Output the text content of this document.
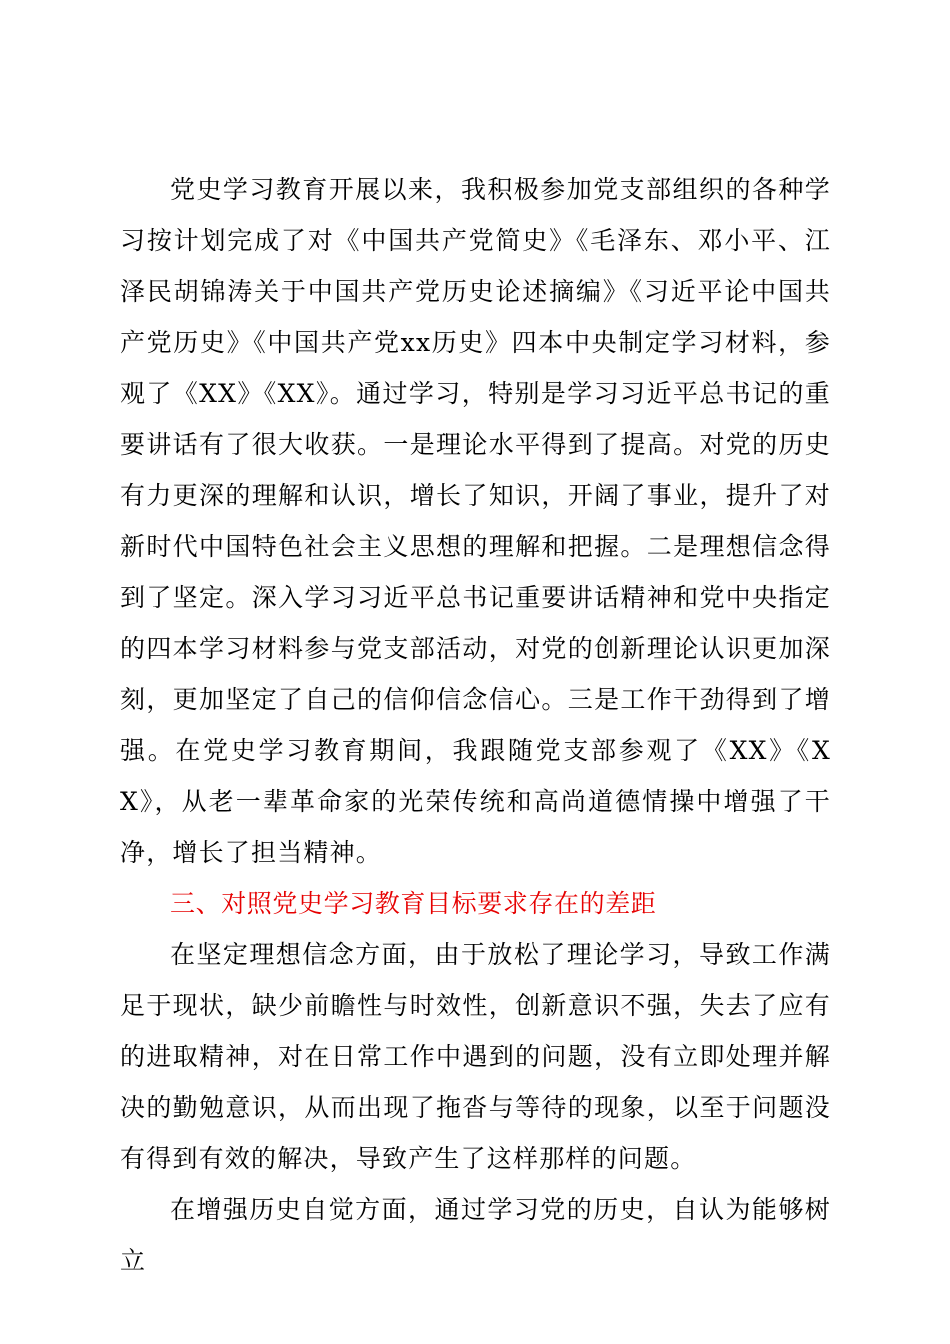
党史学习教育开展以来，我积极参加党支部组织的各种学习按计划完成了对《中国共产党简史》《毛泽东、邓小平、江泽民胡锦涛关于中国共产党历史论述摘编》《习近平论中国共产党历史》《中国共产党xx历史》四本中央制定学习材料，参观了《XX》《XX》。通过学习，特别是学习习近平总书记的重要讲话有了很大收获。一是理论水平得到了提高。对党的历史有力更深的理解和认识，增长了知识，开阔了事业，提升了对新时代中国特色社会主义思想的理解和把握。二是理想信念得到了坚定。深入学习习近平总书记重要讲话精神和党中央指定的四本学习材料参与党支部活动，对党的创新理论认识更加深刻，更加坚定了自己的信仰信念信心。三是工作干劲得到了增强。在党史学习教育期间，我跟随党支部参观了《XX》《XX》，从老一辈革命家的光荣传统和高尚道德情操中增强了干净，增长了担当精神。

三、对照党史学习教育目标要求存在的差距

在坚定理想信念方面，由于放松了理论学习，导致工作满足于现状，缺少前瞻性与时效性，创新意识不强，失去了应有的进取精神，对在日常工作中遇到的问题，没有立即处理并解决的勤勉意识，从而出现了拖沓与等待的现象，以至于问题没有得到有效的解决，导致产生了这样那样的问题。

在增强历史自觉方面，通过学习党的历史，自认为能够树立
